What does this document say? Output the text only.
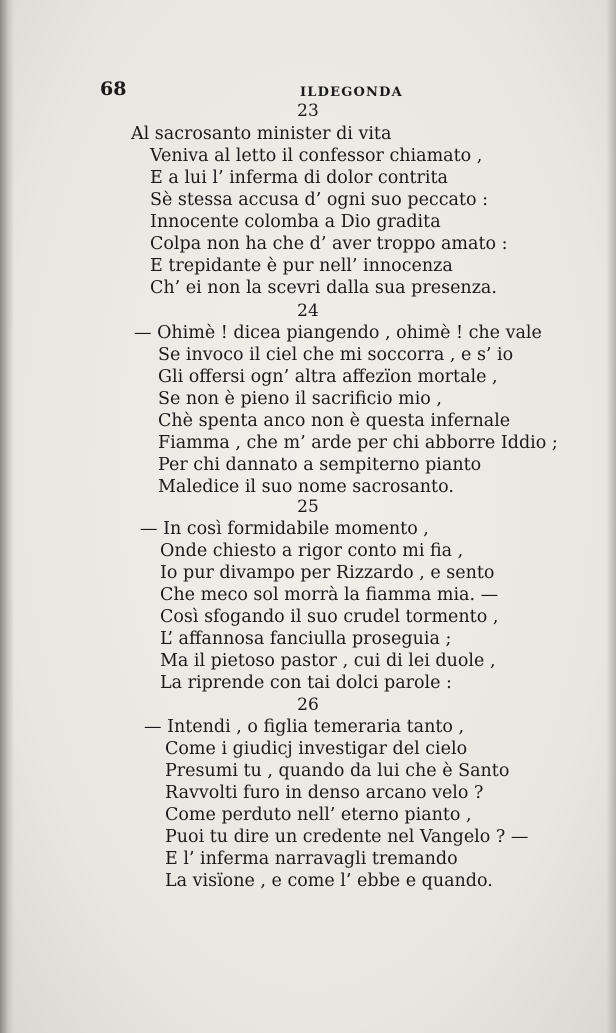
68	ILDEGONDA
23
Al sacrosanto minister di vita
Veniva al letto il confessor chiamato ,
E a lui l’ inferma di dolor contrita
Sè stessa accusa d’ ogni suo peccato :
Innocente colomba a Dio gradita
Colpa non ha che d’ aver troppo amato :
E trepidante è pur nell’ innocenza
Ch’ ei non la scevri dalla sua presenza.
24
— Ohimè ! dicea piangendo , ohimè ! che vale
Se invoco il ciel che mi soccorra , e s’ io
Gli offersi ogn’ altra affezïon mortale ,
Se non è pieno il sacrificio mio ,
Chè spenta anco non è questa infernale
Fiamma , che m’ arde per chi abborre Iddio ;
Per chi dannato a sempiterno pianto
Maledice il suo nome sacrosanto.
25
— In così formidabile momento ,
Onde chiesto a rigor conto mi fia ,
Io pur divampo per Rizzardo , e sento
Che meco sol morrà la fiamma mia. —
Così sfogando il suo crudel tormento ,
L’ affannosa fanciulla proseguia ;
Ma il pietoso pastor , cui di lei duole ,
La riprende con tai dolci parole :
26
— Intendi , o figlia temeraria tanto ,
Come i giudicj investigar del cielo
Presumi tu , quando da lui che è Santo
Ravvolti furo in denso arcano velo ?
Come perduto nell’ eterno pianto ,
Puoi tu dire un credente nel Vangelo ? —
E l’ inferma narravagli tremando
La visïone , e come l’ ebbe e quando.
